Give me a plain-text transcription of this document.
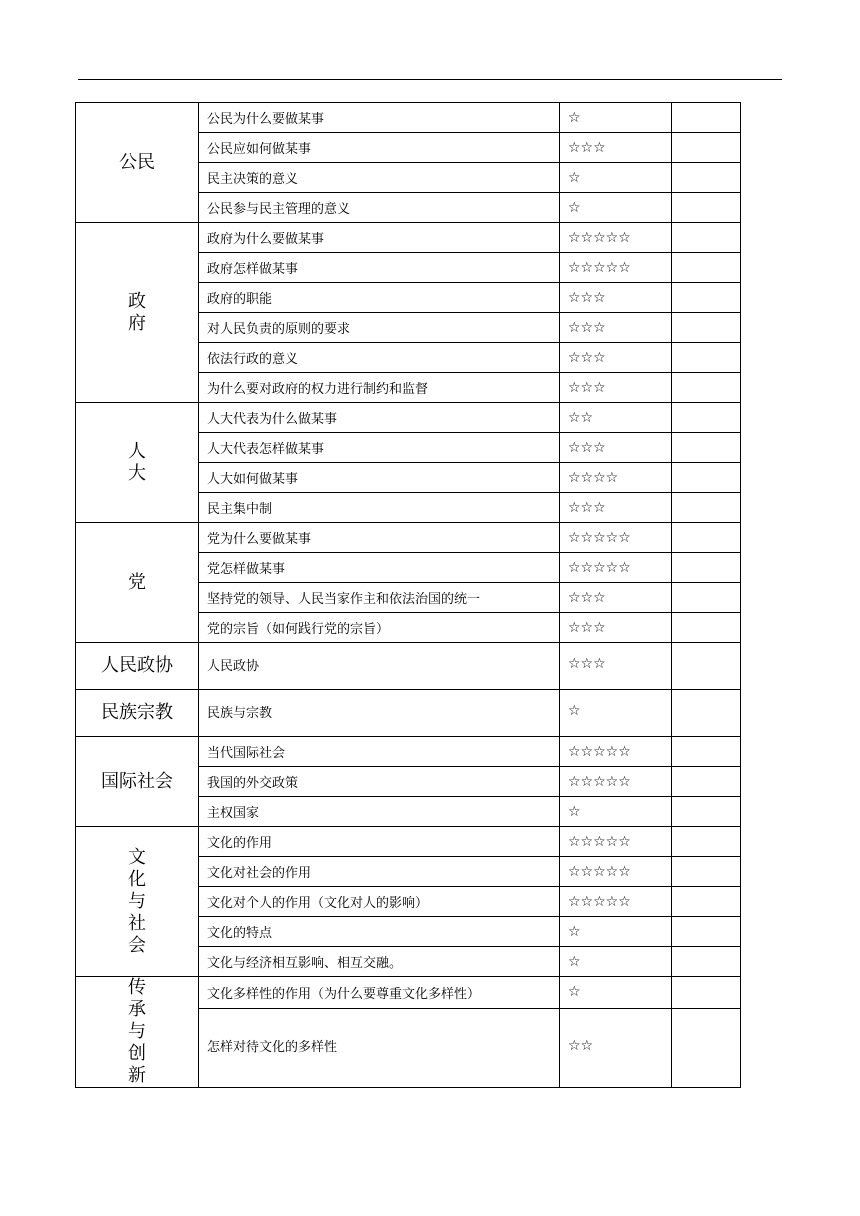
公民	公民为什么要做某事	☆	
	公民应如何做某事	☆☆☆	
	民主决策的意义	☆	
	公民参与民主管理的意义	☆	
政府	政府为什么要做某事	☆☆☆☆☆	
	政府怎样做某事	☆☆☆☆☆	
	政府的职能	☆☆☆	
	对人民负责的原则的要求	☆☆☆	
	依法行政的意义	☆☆☆	
	为什么要对政府的权力进行制约和监督	☆☆☆	
人大	人大代表为什么做某事	☆☆	
	人大代表怎样做某事	☆☆☆	
	人大如何做某事	☆☆☆☆	
	民主集中制	☆☆☆	
党	党为什么要做某事	☆☆☆☆☆	
	党怎样做某事	☆☆☆☆☆	
	坚持党的领导、人民当家作主和依法治国的统一	☆☆☆	
	党的宗旨（如何践行党的宗旨）	☆☆☆	
人民政协	人民政协	☆☆☆	
民族宗教	民族与宗教	☆	
国际社会	当代国际社会	☆☆☆☆☆	
	我国的外交政策	☆☆☆☆☆	
	主权国家	☆	
文化与社会	文化的作用	☆☆☆☆☆	
	文化对社会的作用	☆☆☆☆☆	
	文化对个人的作用（文化对人的影响）	☆☆☆☆☆	
	文化的特点	☆	
	文化与经济相互影响、相互交融。	☆	
传承与创新	文化多样性的作用（为什么要尊重文化多样性）	☆	
	怎样对待文化的多样性	☆☆	
